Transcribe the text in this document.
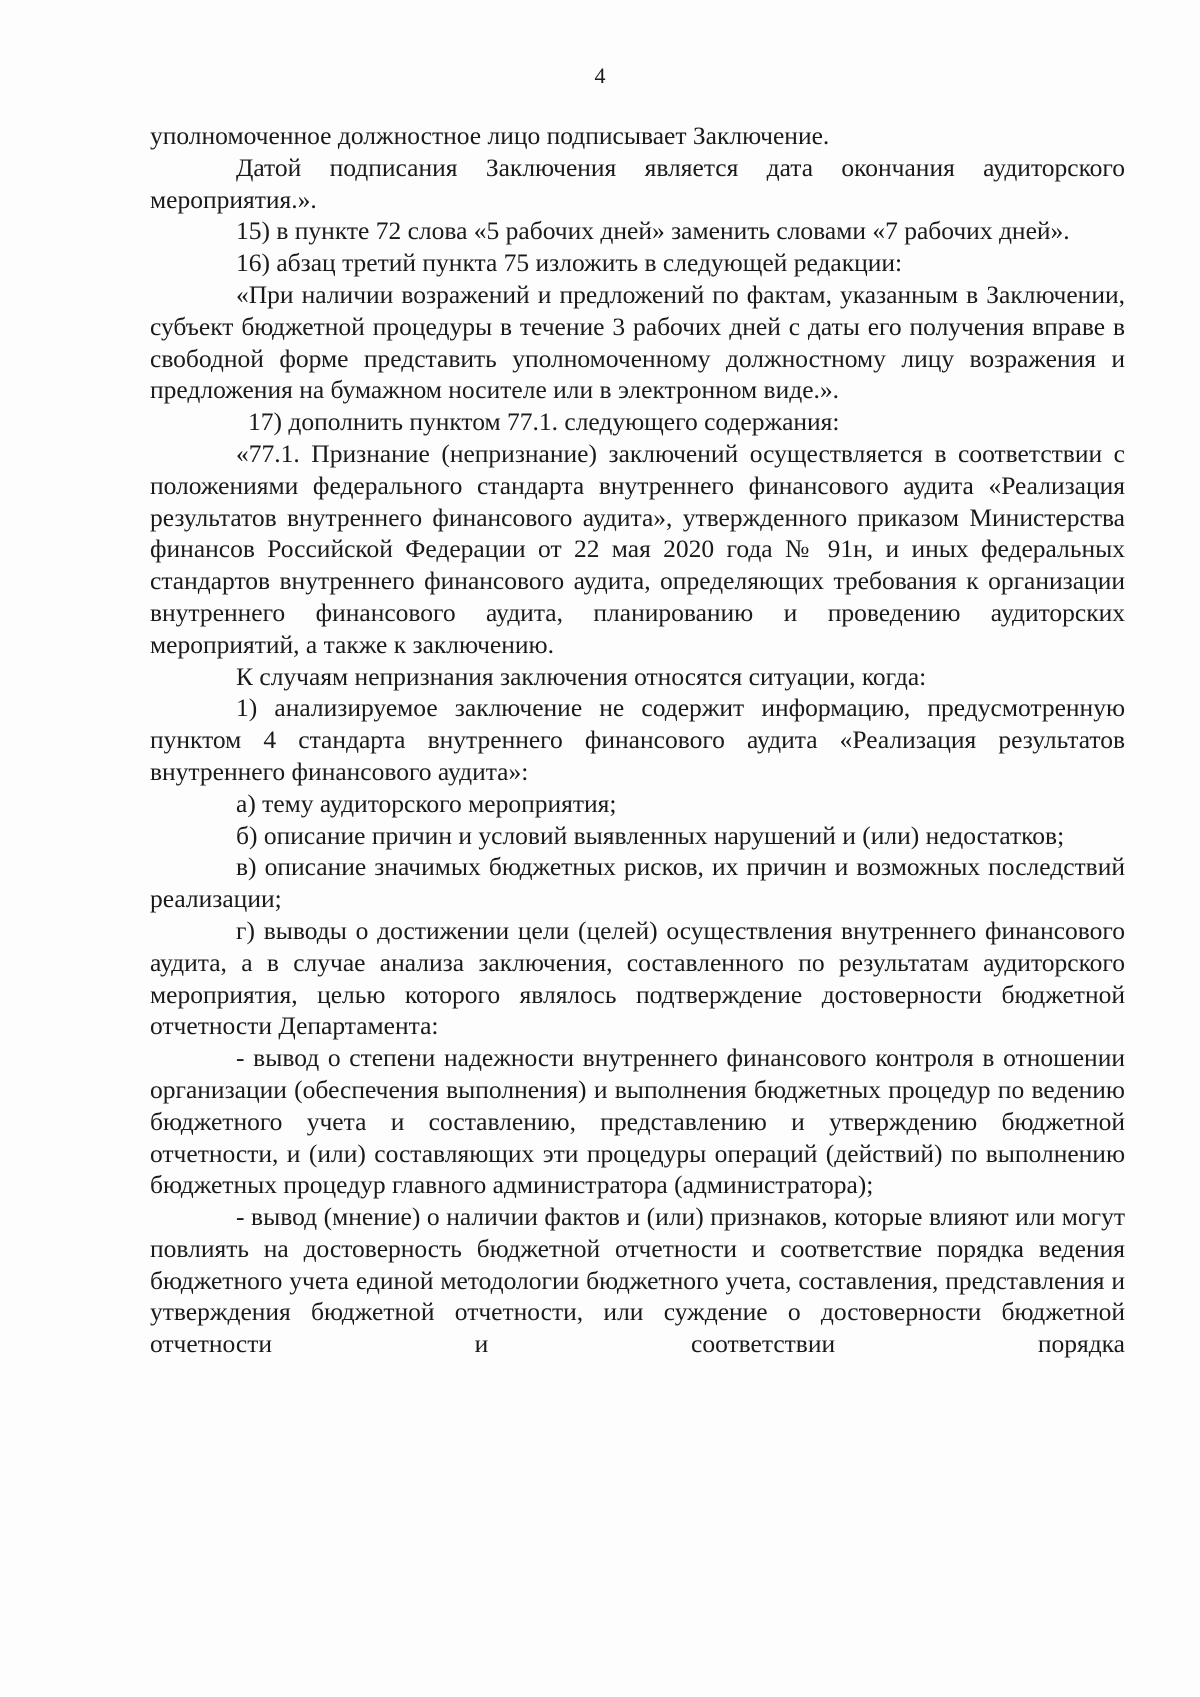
4

уполномоченное должностное лицо подписывает Заключение.

Датой подписания Заключения является дата окончания аудиторского мероприятия.».

15) в пункте 72 слова «5 рабочих дней» заменить словами «7 рабочих дней».

16) абзац третий пункта 75 изложить в следующей редакции:

«При наличии возражений и предложений по фактам, указанным в Заключении, субъект бюджетной процедуры в течение 3 рабочих дней с даты его получения вправе в свободной форме представить уполномоченному должностному лицу возражения и предложения на бумажном носителе или в электронном виде.».

17) дополнить пунктом 77.1. следующего содержания:

«77.1. Признание (непризнание) заключений осуществляется в соответствии с положениями федерального стандарта внутреннего финансового аудита «Реализация результатов внутреннего финансового аудита», утвержденного приказом Министерства финансов Российской Федерации от 22 мая 2020 года № 91н, и иных федеральных стандартов внутреннего финансового аудита, определяющих требования к организации внутреннего финансового аудита, планированию и проведению аудиторских мероприятий, а также к заключению.

К случаям непризнания заключения относятся ситуации, когда:

1) анализируемое заключение не содержит информацию, предусмотренную пунктом 4 стандарта внутреннего финансового аудита «Реализация результатов внутреннего финансового аудита»:

а) тему аудиторского мероприятия;

б) описание причин и условий выявленных нарушений и (или) недостатков;

в) описание значимых бюджетных рисков, их причин и возможных последствий реализации;

г) выводы о достижении цели (целей) осуществления внутреннего финансового аудита, а в случае анализа заключения, составленного по результатам аудиторского мероприятия, целью которого являлось подтверждение достоверности бюджетной отчетности Департамента:

- вывод о степени надежности внутреннего финансового контроля в отношении организации (обеспечения выполнения) и выполнения бюджетных процедур по ведению бюджетного учета и составлению, представлению и утверждению бюджетной отчетности, и (или) составляющих эти процедуры операций (действий) по выполнению бюджетных процедур главного администратора (администратора);

- вывод (мнение) о наличии фактов и (или) признаков, которые влияют или могут повлиять на достоверность бюджетной отчетности и соответствие порядка ведения бюджетного учета единой методологии бюджетного учета, составления, представления и утверждения бюджетной отчетности, или суждение о достоверности бюджетной отчетности и соответствии порядка
